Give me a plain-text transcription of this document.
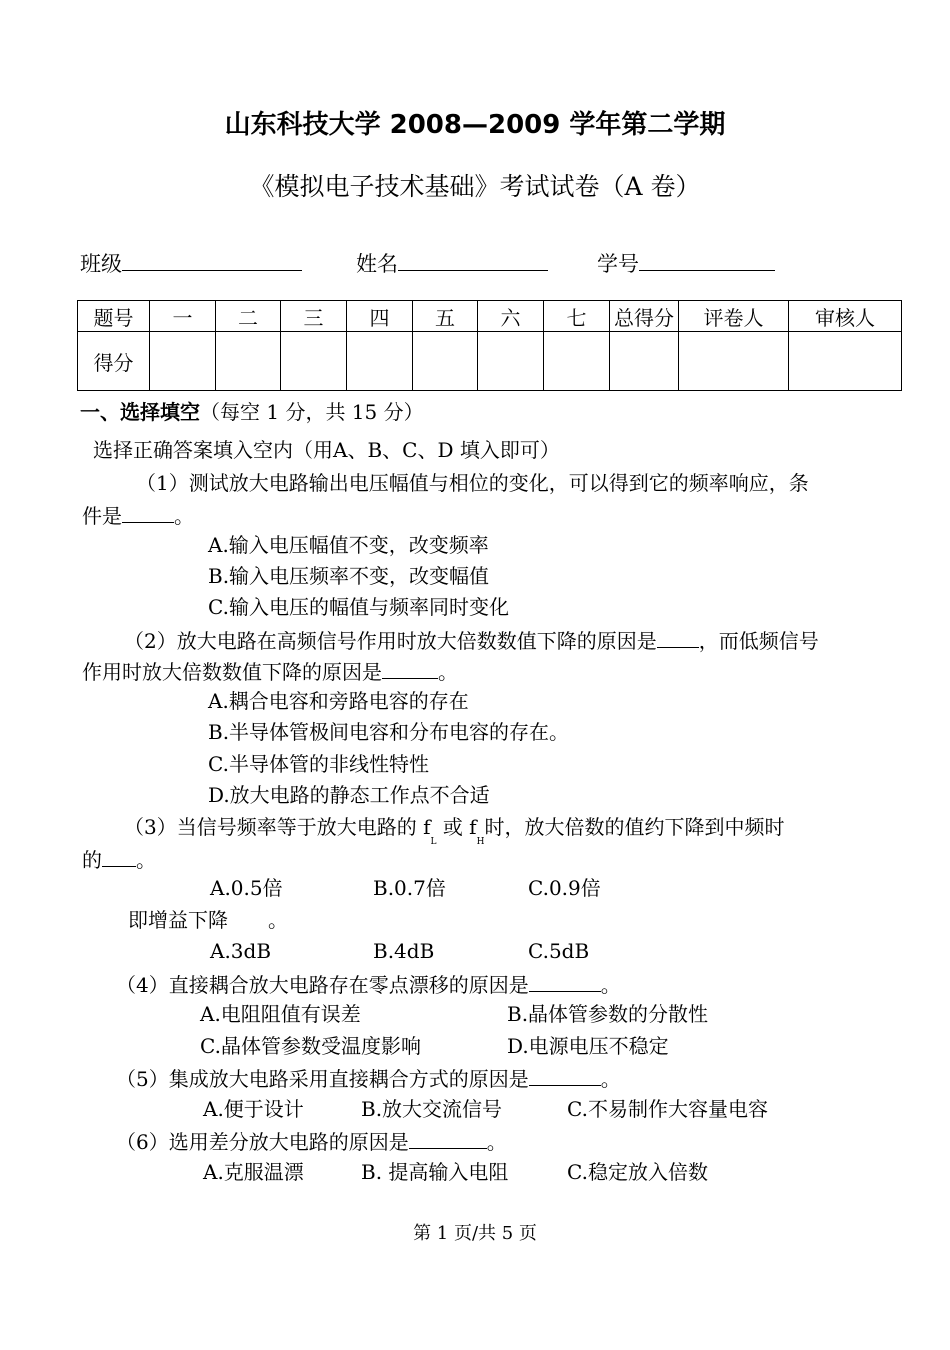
山东科技大学 2008—2009 学年第二学期
《模拟电子技术基础》考试试卷（A 卷）
班级	姓名	学号
题号	一	二	三	四	五	六	七	总得分	评卷人	审核人
得分										
一、选择填空（每空 1 分，共 15 分）
选择正确答案填入空内（用A、B、C、D 填入即可）
（1）测试放大电路输出电压幅值与相位的变化，可以得到它的频率响应，条
件是	。
A.输入电压幅值不变，改变频率
B.输入电压频率不变，改变幅值
C.输入电压的幅值与频率同时变化
（2）放大电路在高频信号作用时放大倍数数值下降的原因是 ，而低频信号
作用时放大倍数数值下降的原因是	。
A.耦合电容和旁路电容的存在
B.半导体管极间电容和分布电容的存在。
C.半导体管的非线性特性
D.放大电路的静态工作点不合适
（3）当信号频率等于放大电路的 $f_L$ 或 $f_H$时，放大倍数的值约下降到中频时
的 。
A.0.5倍	B.0.7倍	C.0.9倍
即增益下降　　。
A.3dB	B.4dB	C.5dB
（4）直接耦合放大电路存在零点漂移的原因是	。
A.电阻阻值有误差	B.晶体管参数的分散性
C.晶体管参数受温度影响	D.电源电压不稳定
（5）集成放大电路采用直接耦合方式的原因是	。
A.便于设计	B.放大交流信号	C.不易制作大容量电容
（6）选用差分放大电路的原因是	。
A.克服温漂	B. 提高输入电阻	C.稳定放入倍数
第 1 页/共 5 页
